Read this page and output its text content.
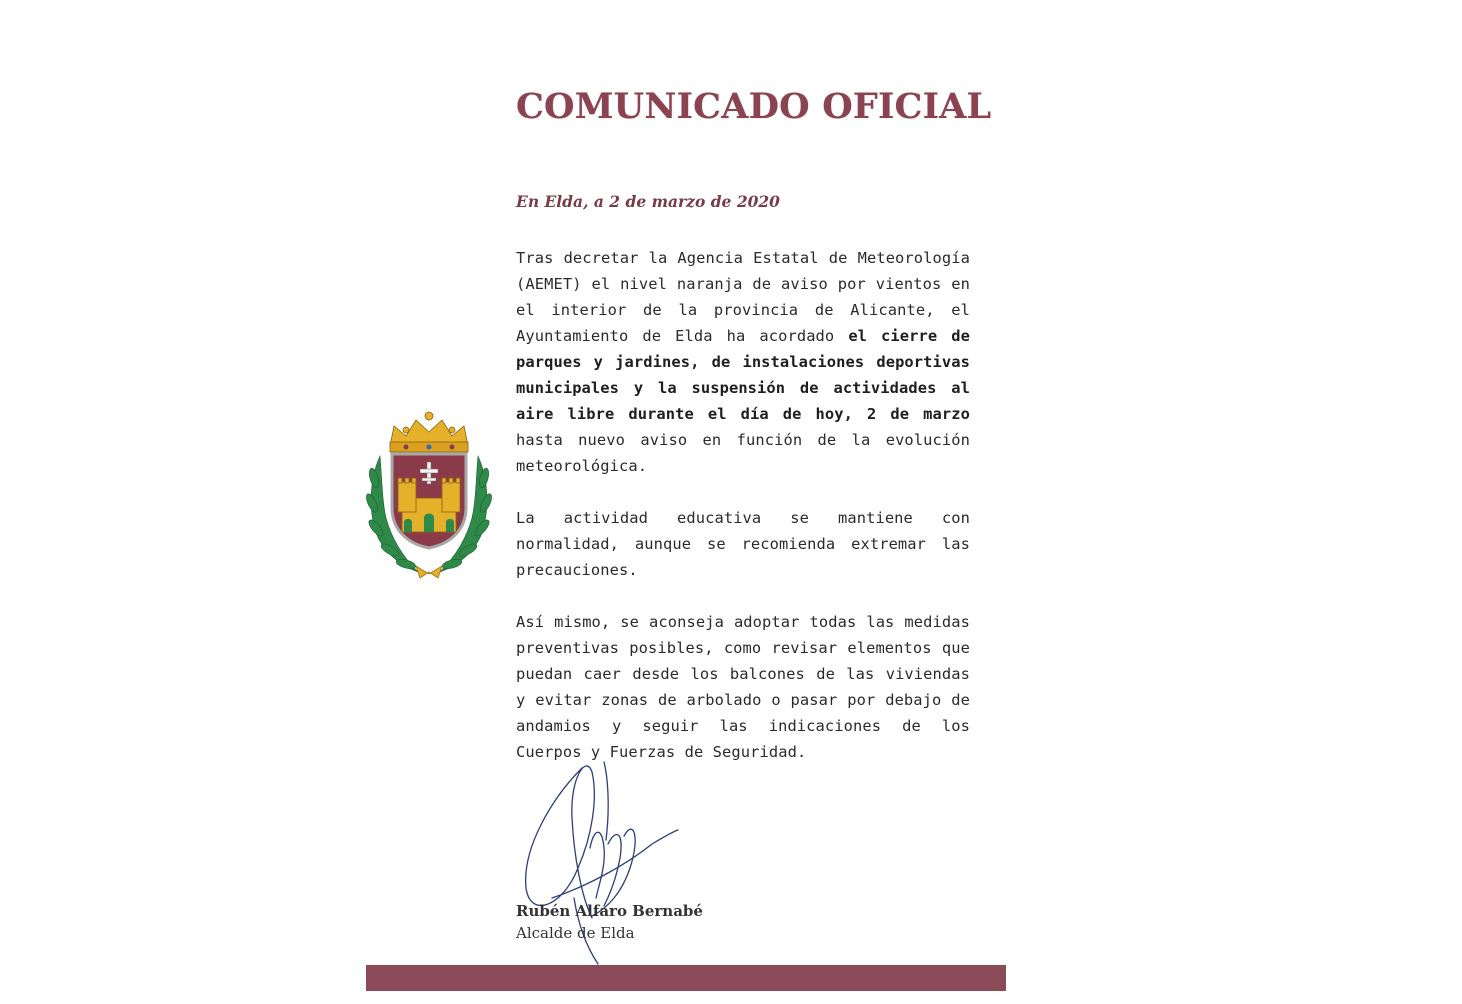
COMUNICADO OFICIAL

En Elda, a 2 de marzo de 2020

Tras decretar la Agencia Estatal de Meteorología (AEMET) el nivel naranja de aviso por vientos en el interior de la provincia de Alicante, el Ayuntamiento de Elda ha acordado el cierre de parques y jardines, de instalaciones deportivas municipales y la suspensión de actividades al aire libre durante el día de hoy, 2 de marzo hasta nuevo aviso en función de la evolución meteorológica.

La actividad educativa se mantiene con normalidad, aunque se recomienda extremar las precauciones.

Así mismo, se aconseja adoptar todas las medidas preventivas posibles, como revisar elementos que puedan caer desde los balcones de las viviendas y evitar zonas de arbolado o pasar por debajo de andamios y seguir las indicaciones de los Cuerpos y Fuerzas de Seguridad.

Rubén Alfaro Bernabé

Alcalde de Elda
